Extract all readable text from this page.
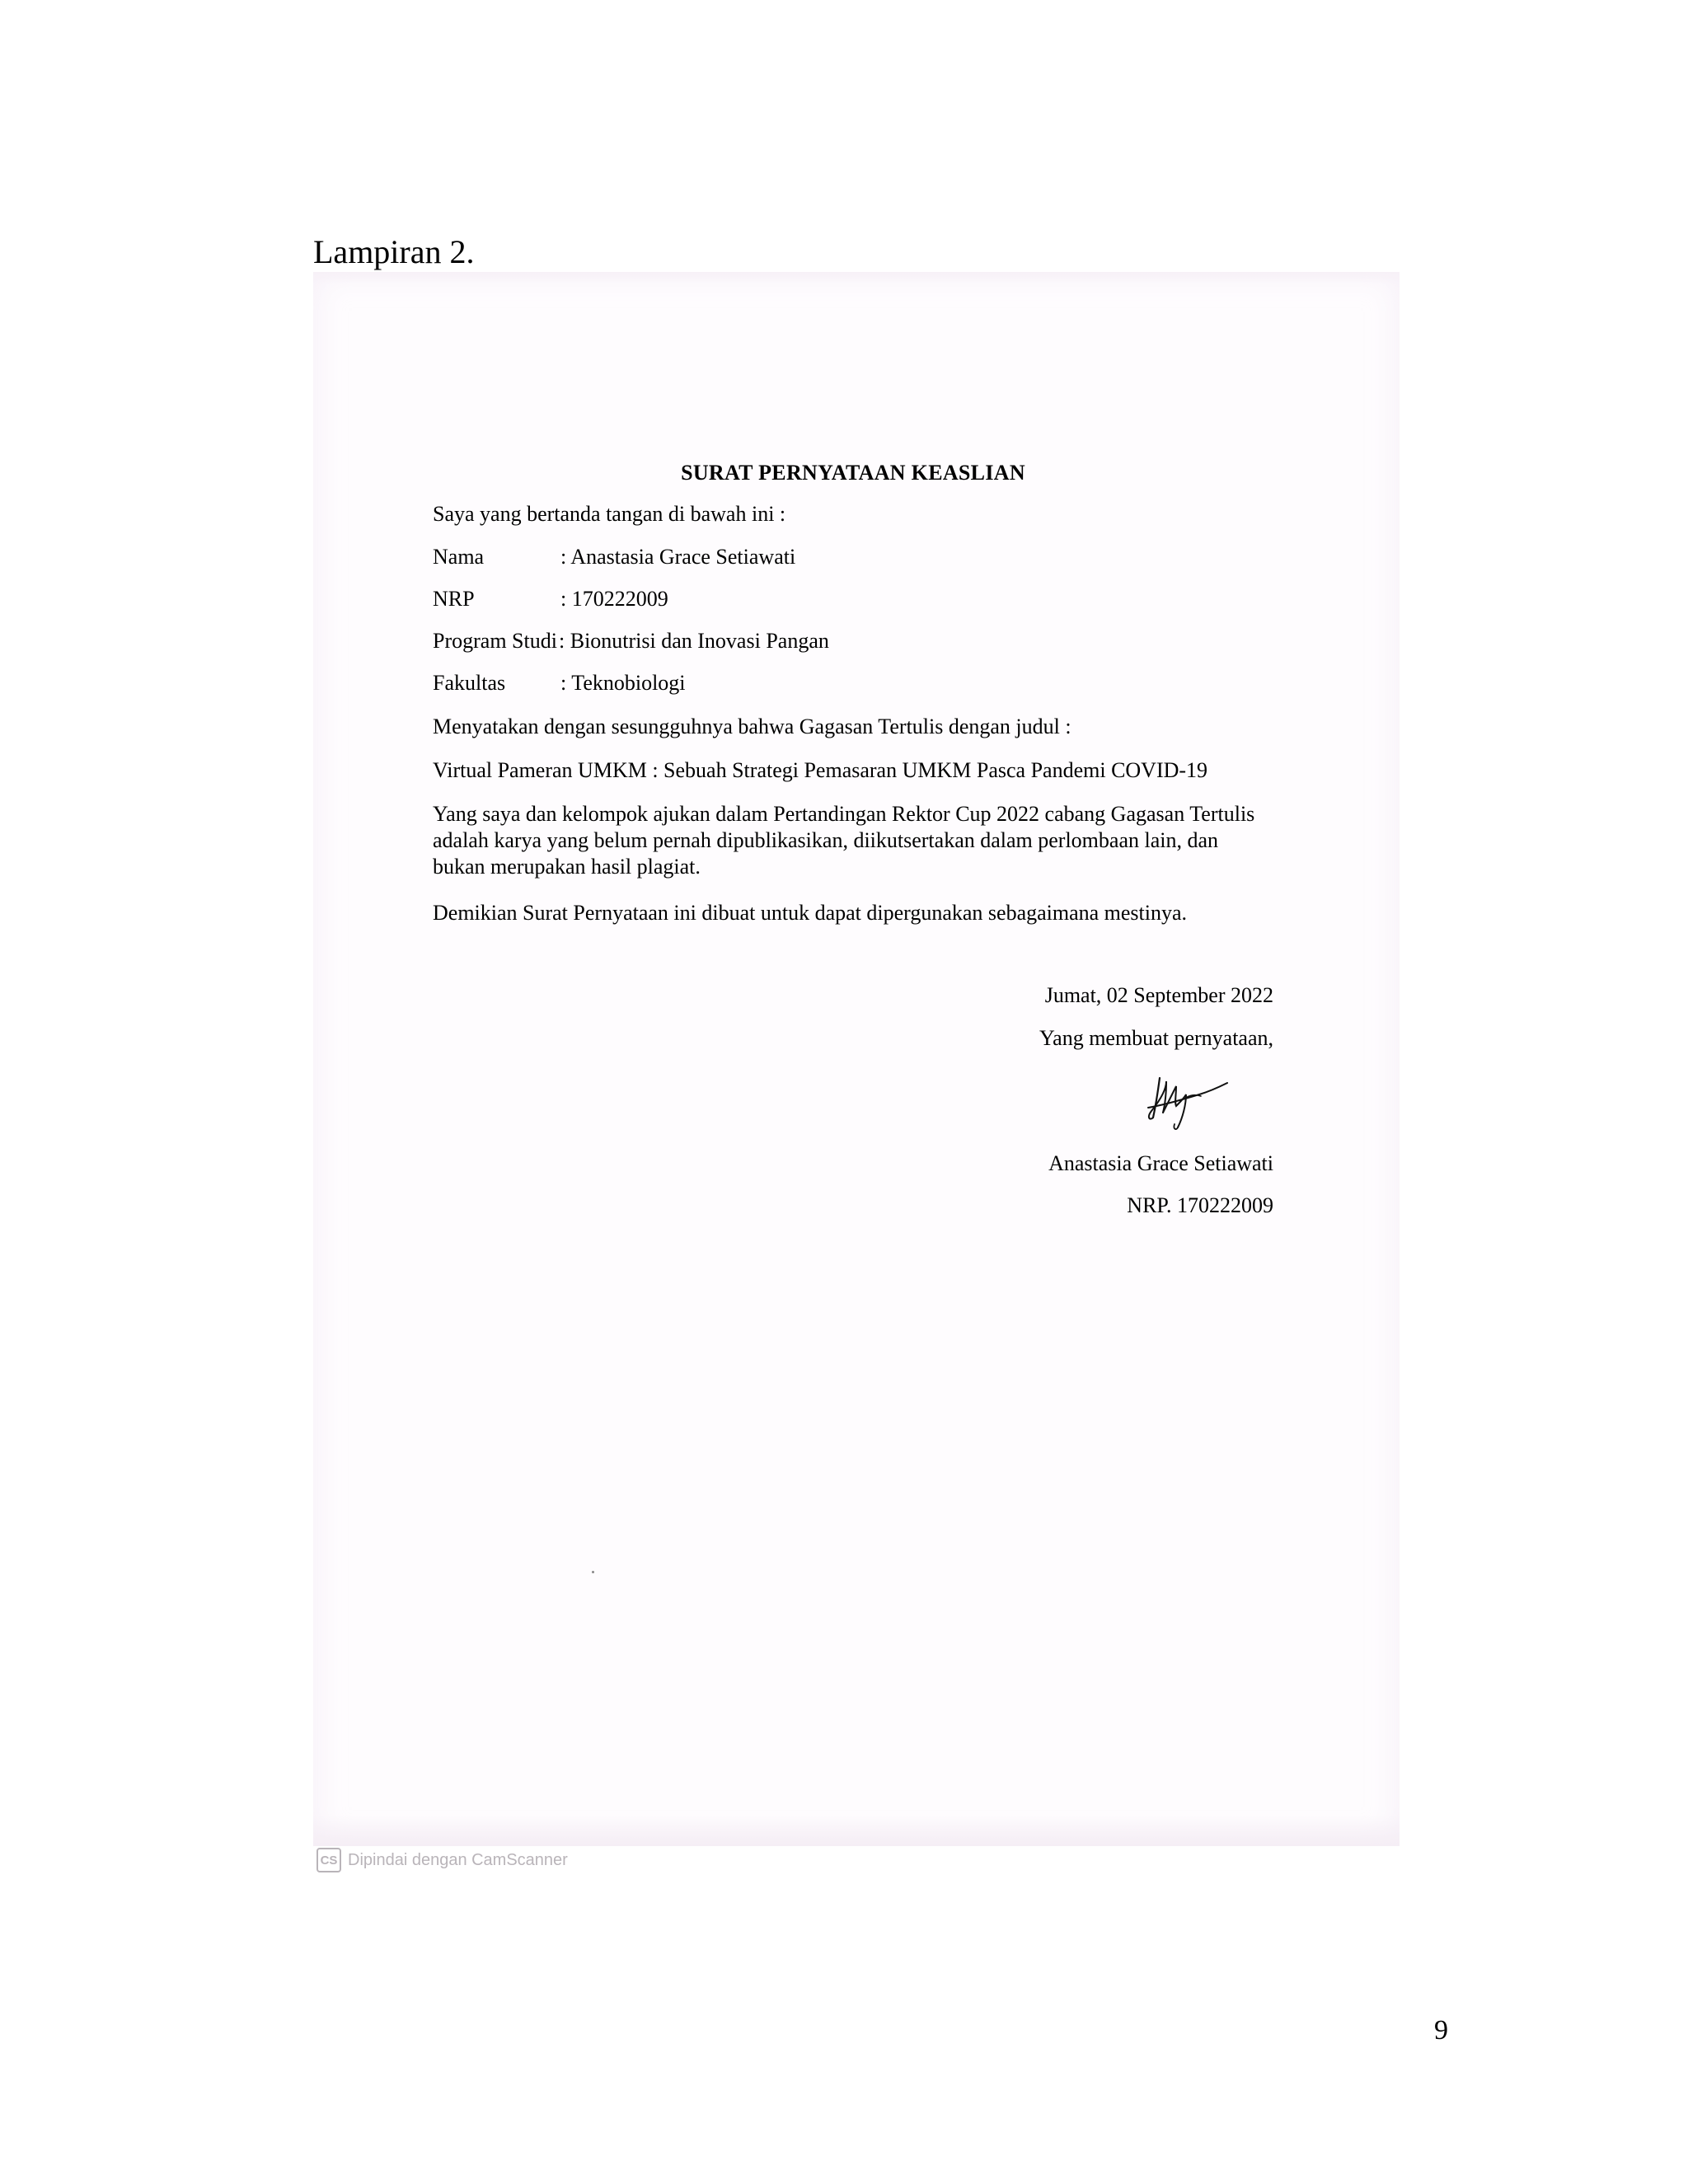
Lampiran 2.
SURAT PERNYATAAN KEASLIAN

Saya yang bertanda tangan di bawah ini :

Nama	: Anastasia Grace Setiawati
NRP	: 170222009
Program Studi : Bionutrisi dan Inovasi Pangan
Fakultas	: Teknobiologi

Menyatakan dengan sesungguhnya bahwa Gagasan Tertulis dengan judul :

Virtual Pameran UMKM : Sebuah Strategi Pemasaran UMKM Pasca Pandemi COVID-19

Yang saya dan kelompok ajukan dalam Pertandingan Rektor Cup 2022 cabang Gagasan Tertulis adalah karya yang belum pernah dipublikasikan, diikutsertakan dalam perlombaan lain, dan bukan merupakan hasil plagiat.

Demikian Surat Pernyataan ini dibuat untuk dapat dipergunakan sebagaimana mestinya.

Jumat, 02 September 2022

Yang membuat pernyataan,

Anastasia Grace Setiawati

NRP. 170222009

CS Dipindai dengan CamScanner
9
